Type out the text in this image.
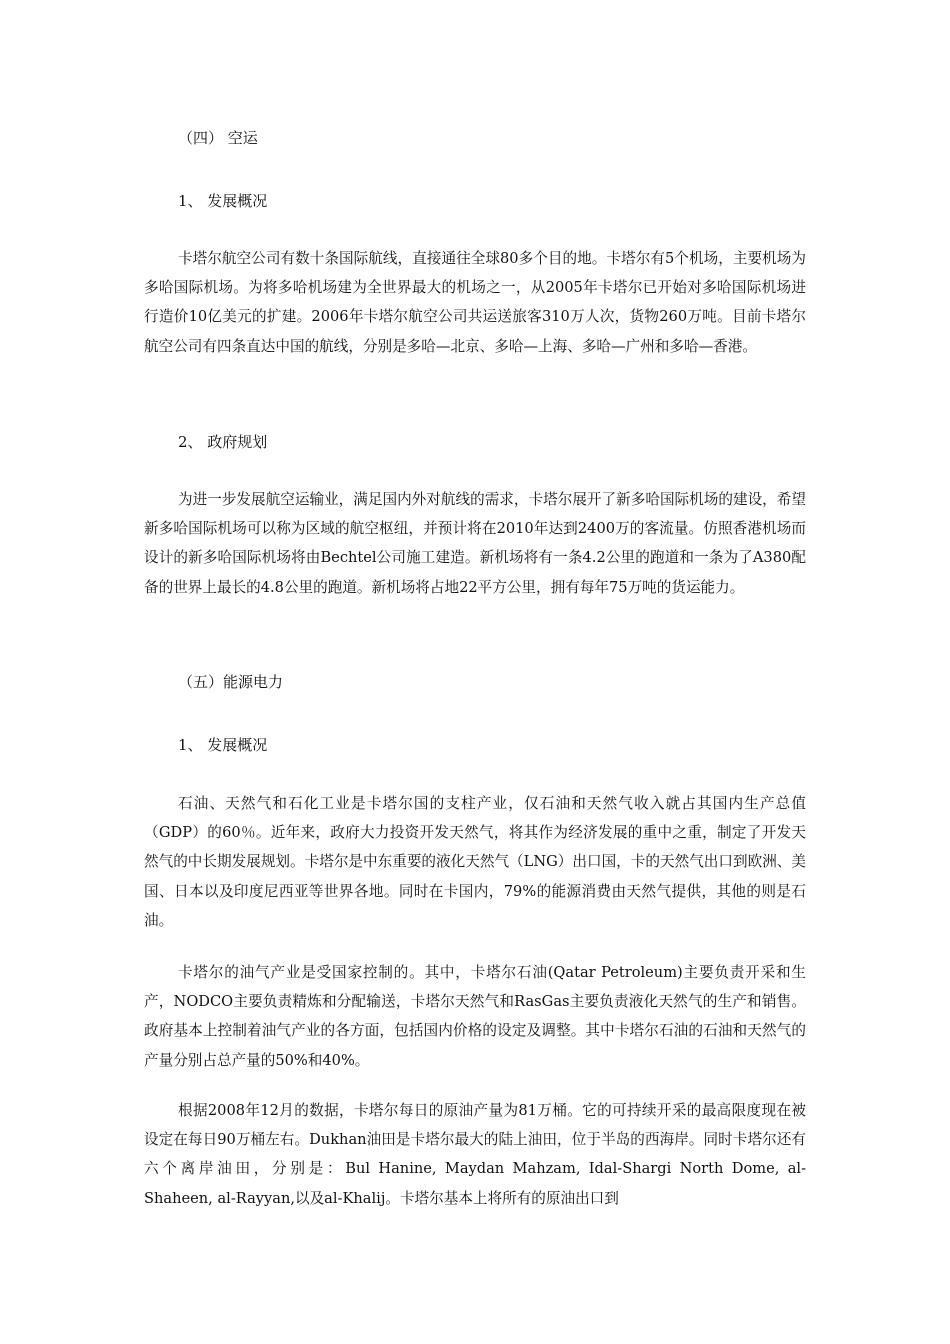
（四） 空运
1、 发展概况

卡塔尔航空公司有数十条国际航线，直接通往全球80多个目的地。卡塔尔有5个机场，主要机场为多哈国际机场。为将多哈机场建为全世界最大的机场之一，从2005年卡塔尔已开始对多哈国际机场进行造价10亿美元的扩建。2006年卡塔尔航空公司共运送旅客310万人次，货物260万吨。目前卡塔尔航空公司有四条直达中国的航线，分别是多哈—北京、多哈—上海、多哈—广州和多哈—香港。

2、 政府规划

为进一步发展航空运输业，满足国内外对航线的需求，卡塔尔展开了新多哈国际机场的建设，希望新多哈国际机场可以称为区域的航空枢纽，并预计将在2010年达到2400万的客流量。仿照香港机场而设计的新多哈国际机场将由Bechtel公司施工建造。新机场将有一条4.2公里的跑道和一条为了A380配备的世界上最长的4.8公里的跑道。新机场将占地22平方公里，拥有每年75万吨的货运能力。

（五）能源电力
1、 发展概况

石油、天然气和石化工业是卡塔尔国的支柱产业，仅石油和天然气收入就占其国内生产总值（GDP）的60％。近年来，政府大力投资开发天然气，将其作为经济发展的重中之重，制定了开发天然气的中长期发展规划。卡塔尔是中东重要的液化天然气（LNG）出口国，卡的天然气出口到欧洲、美国、日本以及印度尼西亚等世界各地。同时在卡国内，79%的能源消费由天然气提供，其他的则是石油。

卡塔尔的油气产业是受国家控制的。其中，卡塔尔石油(Qatar Petroleum)主要负责开采和生产，NODCO主要负责精炼和分配输送，卡塔尔天然气和RasGas主要负责液化天然气的生产和销售。政府基本上控制着油气产业的各方面，包括国内价格的设定及调整。其中卡塔尔石油的石油和天然气的产量分别占总产量的50%和40%。

根据2008年12月的数据，卡塔尔每日的原油产量为81万桶。它的可持续开采的最高限度现在被设定在每日90万桶左右。Dukhan油田是卡塔尔最大的陆上油田，位于半岛的西海岸。同时卡塔尔还有六个离岸油田，分别是：Bul Hanine, Maydan Mahzam, Idal-Shargi North Dome, al-Shaheen, al-Rayyan,以及al-Khalij。卡塔尔基本上将所有的原油出口到
